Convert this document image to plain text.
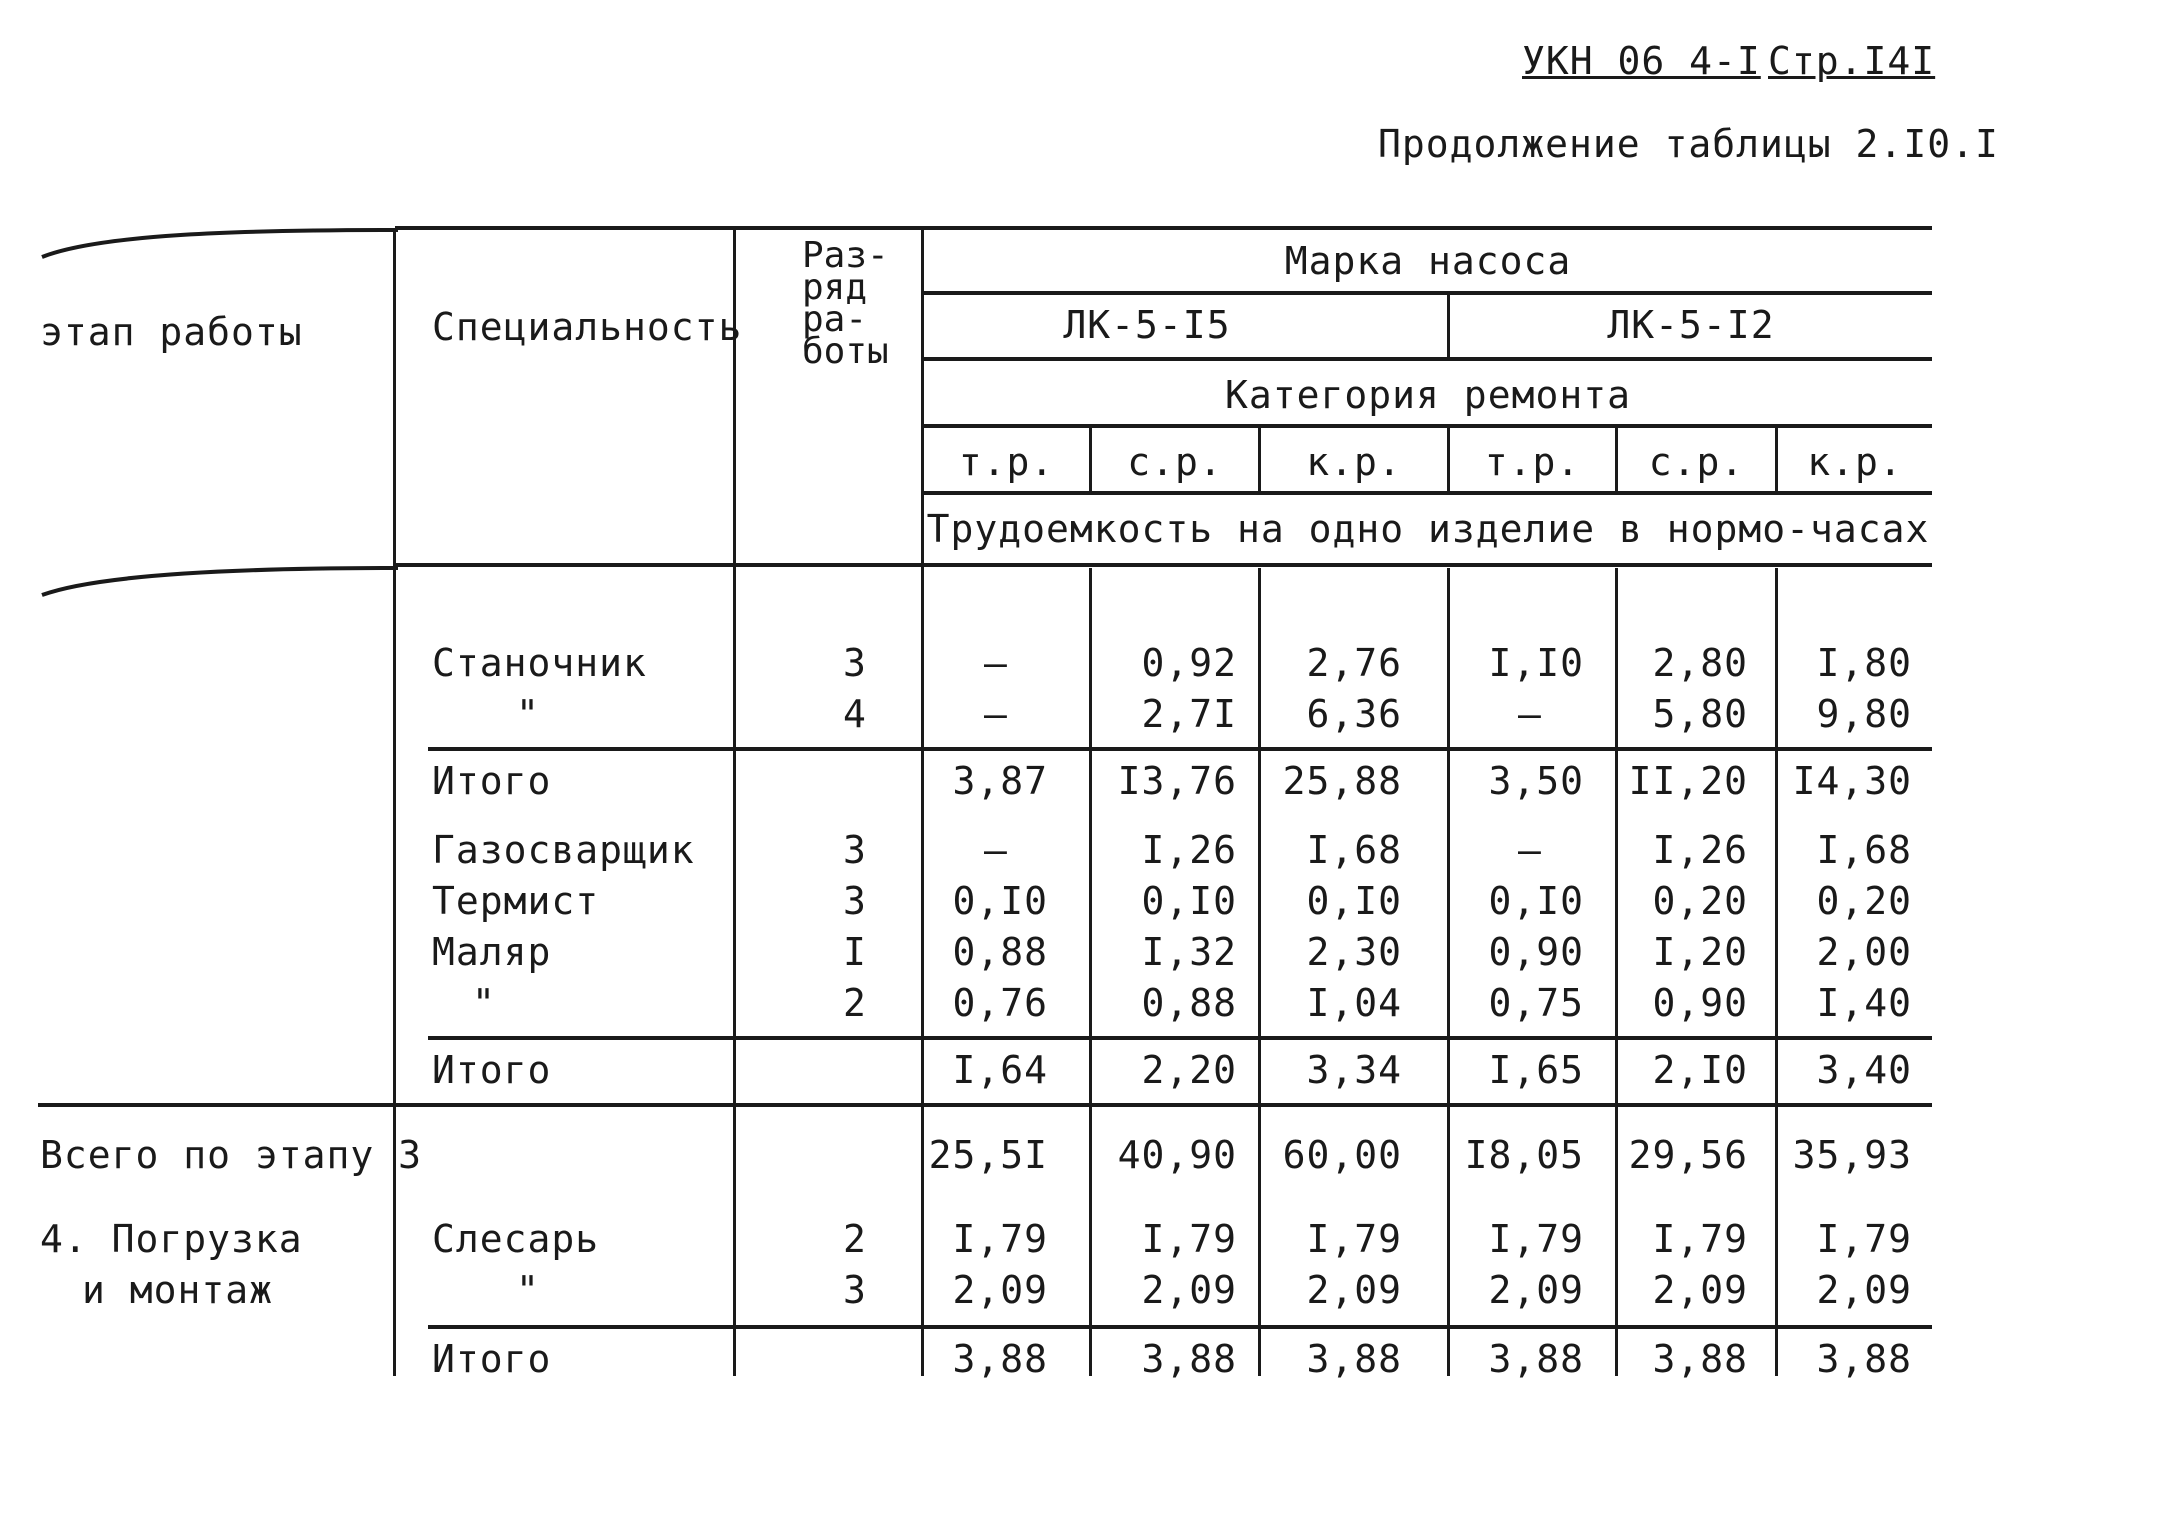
УКН 06 4-I Стр.I4I
Продолжение таблицы 2.I0.I
этап работы	Специальность
Раз-
ряд
ра-
боты
Марка насоса
ЛК-5-I5	ЛК-5-I2
Категория ремонта
т.р.	с.р.	к.р.	т.р.	с.р.	к.р.
Трудоемкость на одно изделие в нормо-часах
Станочник	3	–	0,92	2,76	I,I0	2,80	I,80
"	4	–	2,7I	6,36	–	5,80	9,80
Итого	3,87	I3,76	25,88	3,50	II,20	I4,30
Газосварщик	3	–	I,26	I,68	–	I,26	I,68
Термист	3	0,I0	0,I0	0,I0	0,I0	0,20	0,20
Маляр	I	0,88	I,32	2,30	0,90	I,20	2,00
"	2	0,76	0,88	I,04	0,75	0,90	I,40
Итого	I,64	2,20	3,34	I,65	2,I0	3,40
Всего по этапу 3	25,5I	40,90	60,00	I8,05	29,56	35,93
4. Погрузка	Слесарь	2	I,79	I,79	I,79	I,79	I,79	I,79
и монтаж	"	3	2,09	2,09	2,09	2,09	2,09	2,09
Итого	3,88	3,88	3,88	3,88	3,88	3,88
